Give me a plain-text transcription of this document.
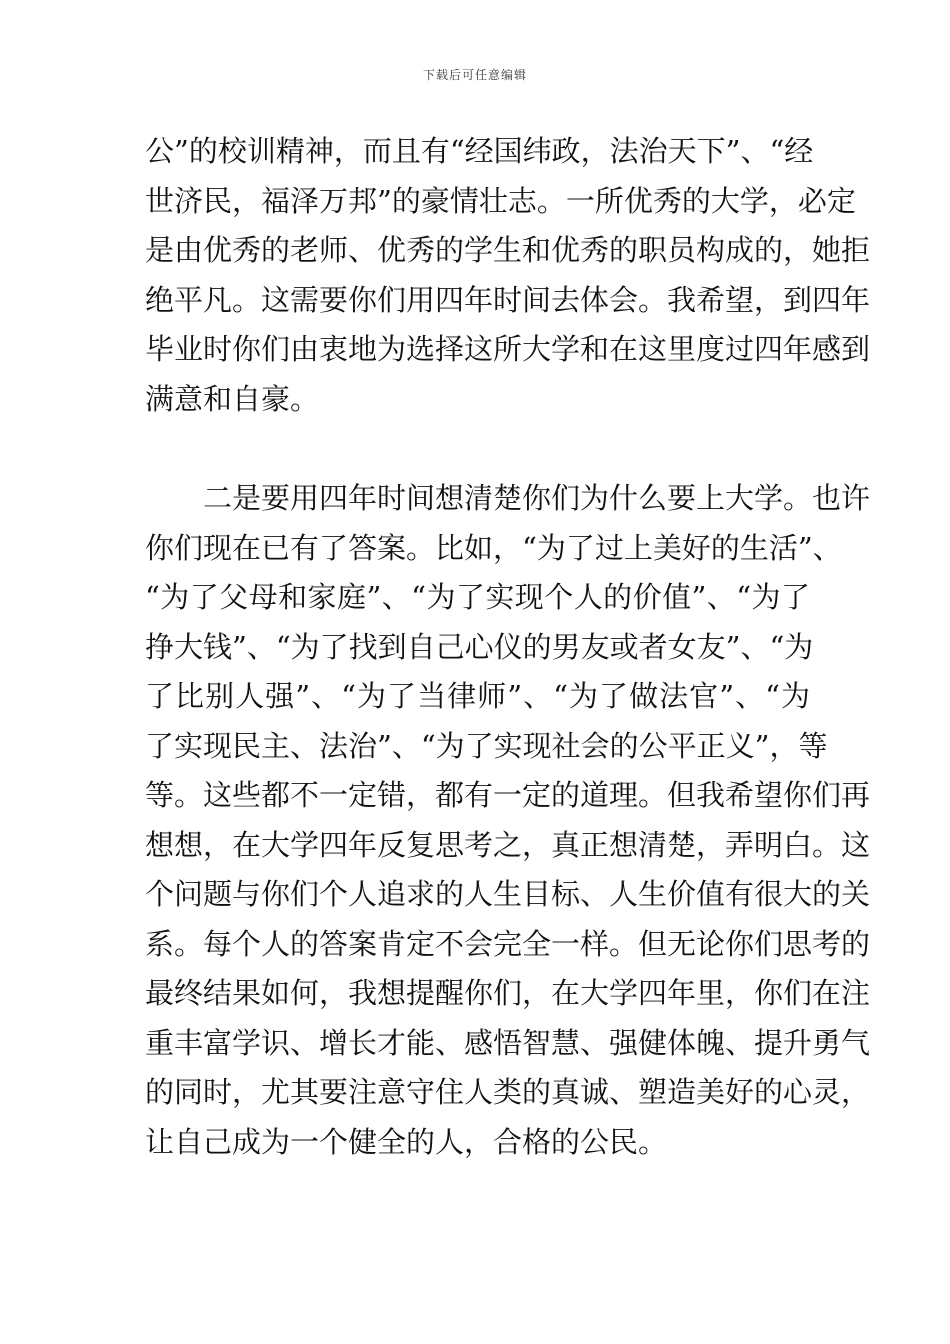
下载后可任意编辑

公”的校训精神，而且有“经国纬政，法治天下”、“经
世济民，福泽万邦”的豪情壮志。一所优秀的大学，必定
是由优秀的老师、优秀的学生和优秀的职员构成的，她拒
绝平凡。这需要你们用四年时间去体会。我希望，到四年
毕业时你们由衷地为选择这所大学和在这里度过四年感到
满意和自豪。

二是要用四年时间想清楚你们为什么要上大学。也许
你们现在已有了答案。比如，“为了过上美好的生活”、
“为了父母和家庭”、“为了实现个人的价值”、“为了
挣大钱”、“为了找到自己心仪的男友或者女友”、“为
了比别人强”、“为了当律师”、“为了做法官”、“为
了实现民主、法治”、“为了实现社会的公平正义”，等
等。这些都不一定错，都有一定的道理。但我希望你们再
想想，在大学四年反复思考之，真正想清楚，弄明白。这
个问题与你们个人追求的人生目标、人生价值有很大的关
系。每个人的答案肯定不会完全一样。但无论你们思考的
最终结果如何，我想提醒你们，在大学四年里，你们在注
重丰富学识、增长才能、感悟智慧、强健体魄、提升勇气
的同时，尤其要注意守住人类的真诚、塑造美好的心灵，
让自己成为一个健全的人，合格的公民。
